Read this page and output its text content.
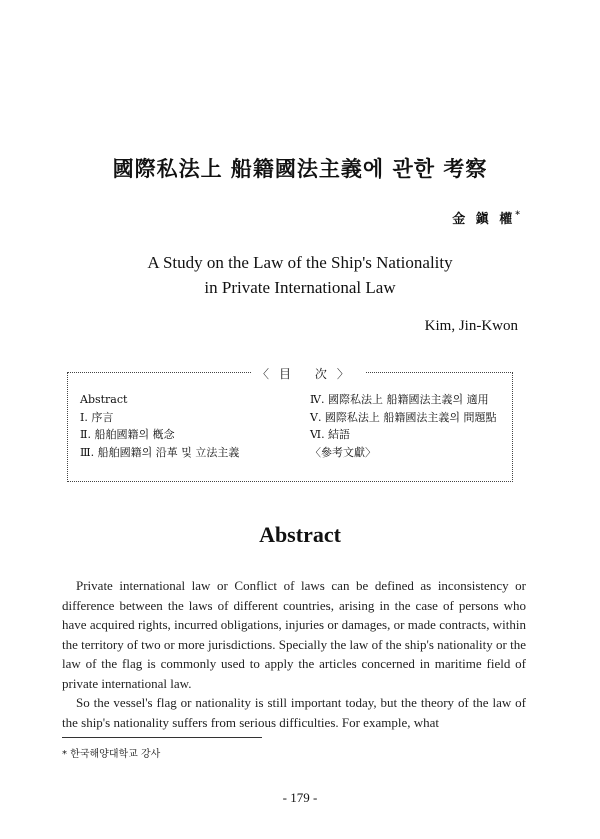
國際私法上 船籍國法主義에 관한 考察
金 鎭 權*
A Study on the Law of the Ship's Nationality
in Private International Law
Kim, Jin-Kwon
〈目 次〉
Abstract
Ⅰ. 序言
Ⅱ. 船舶國籍의 槪念
Ⅲ. 船舶國籍의 沿革 및 立法主義
Ⅳ. 國際私法上 船籍國法主義의 適用
Ⅴ. 國際私法上 船籍國法主義의 問題點
Ⅵ. 結語
〈參考文獻〉
Abstract

Private international law or Conflict of laws can be defined as inconsistency or difference between the laws of different countries, arising in the case of persons who have acquired rights, incurred obligations, injuries or damages, or made contracts, within the territory of two or more jurisdictions. Specially the law of the ship's nationality or the law of the flag is commonly used to apply the articles concerned in maritime field of private international law.

So the vessel's flag or nationality is still important today, but the theory of the law of the ship's nationality suffers from serious difficulties. For example, what

* 한국해양대학교 강사
- 179 -
